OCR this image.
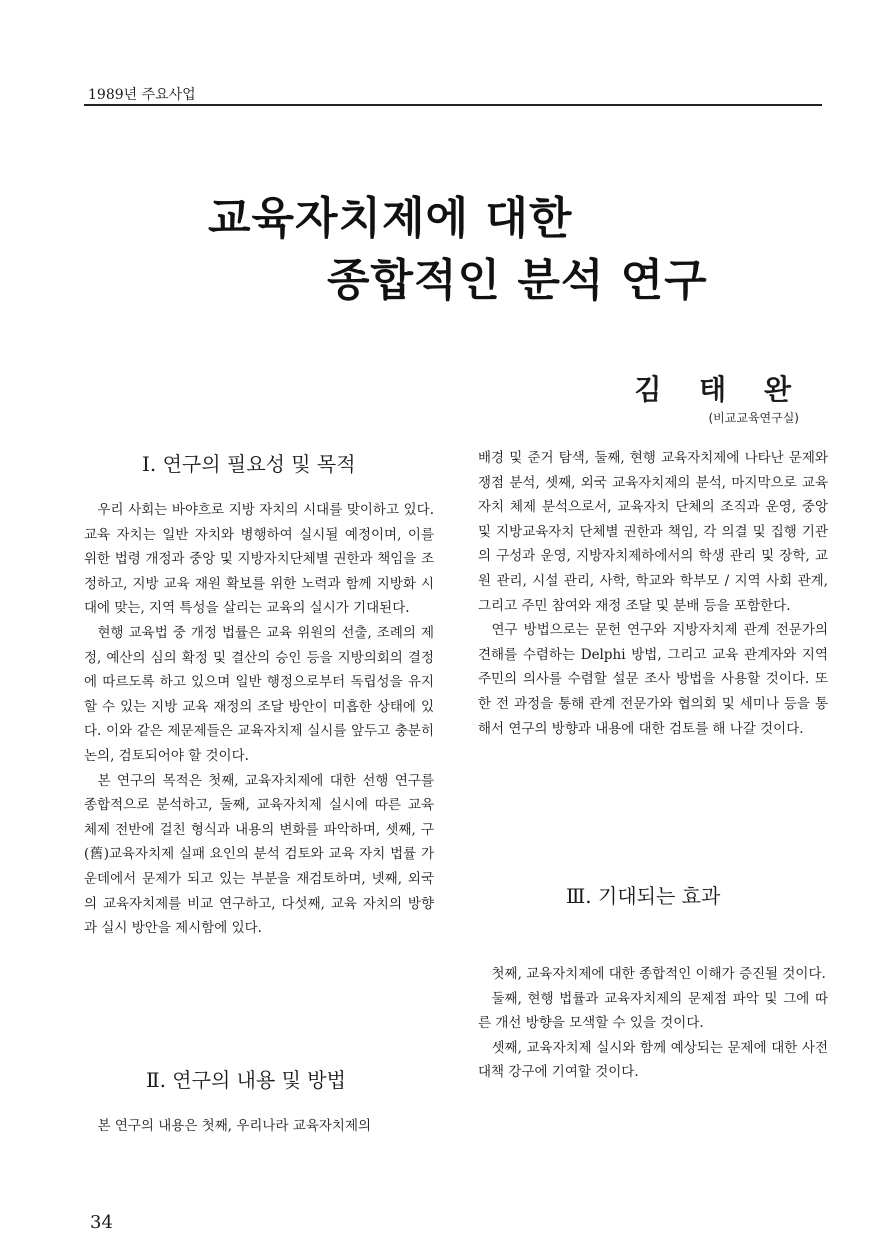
1989년 주요사업
교육자치제에 대한
종합적인 분석 연구
김 태 완
(비교교육연구실)
Ⅰ. 연구의 필요성 및 목적

우리 사회는 바야흐로 지방 자치의 시대를 맞이하고 있다. 교육 자치는 일반 자치와 병행하여 실시될 예정이며, 이를 위한 법령 개정과 중앙 및 지방자치단체별 권한과 책임을 조정하고, 지방 교육 재원 확보를 위한 노력과 함께 지방화 시대에 맞는, 지역 특성을 살리는 교육의 실시가 기대된다.

현행 교육법 중 개정 법률은 교육 위원의 선출, 조례의 제정, 예산의 심의 확정 및 결산의 승인 등을 지방의회의 결정에 따르도록 하고 있으며 일반 행정으로부터 독립성을 유지할 수 있는 지방 교육 재정의 조달 방안이 미흡한 상태에 있다. 이와 같은 제문제들은 교육자치제 실시를 앞두고 충분히 논의, 검토되어야 할 것이다.

본 연구의 목적은 첫째, 교육자치제에 대한 선행 연구를 종합적으로 분석하고, 둘째, 교육자치제 실시에 따른 교육 체제 전반에 걸친 형식과 내용의 변화를 파악하며, 셋째, 구(舊)교육자치제 실패 요인의 분석 검토와 교육 자치 법률 가운데에서 문제가 되고 있는 부분을 재검토하며, 넷째, 외국의 교육자치제를 비교 연구하고, 다섯째, 교육 자치의 방향과 실시 방안을 제시함에 있다.

Ⅱ. 연구의 내용 및 방법

본 연구의 내용은 첫째, 우리나라 교육자치제의

배경 및 준거 탐색, 둘째, 현행 교육자치제에 나타난 문제와 쟁점 분석, 셋째, 외국 교육자치제의 분석, 마지막으로 교육 자치 체제 분석으로서, 교육자치 단체의 조직과 운영, 중앙 및 지방교육자치 단체별 권한과 책임, 각 의결 및 집행 기관의 구성과 운영, 지방자치제하에서의 학생 관리 및 장학, 교원 관리, 시설 관리, 사학, 학교와 학부모 / 지역 사회 관계, 그리고 주민 참여와 재정 조달 및 분배 등을 포함한다.

연구 방법으로는 문헌 연구와 지방자치제 관계 전문가의 견해를 수렴하는 Delphi 방법, 그리고 교육 관계자와 지역 주민의 의사를 수렴할 설문 조사 방법을 사용할 것이다. 또한 전 과정을 통해 관계 전문가와 협의회 및 세미나 등을 통해서 연구의 방향과 내용에 대한 검토를 해 나갈 것이다.

Ⅲ. 기대되는 효과

첫째, 교육자치제에 대한 종합적인 이해가 증진될 것이다.

둘째, 현행 법률과 교육자치제의 문제점 파악 및 그에 따른 개선 방향을 모색할 수 있을 것이다.

셋째, 교육자치제 실시와 함께 예상되는 문제에 대한 사전 대책 강구에 기여할 것이다.

34
